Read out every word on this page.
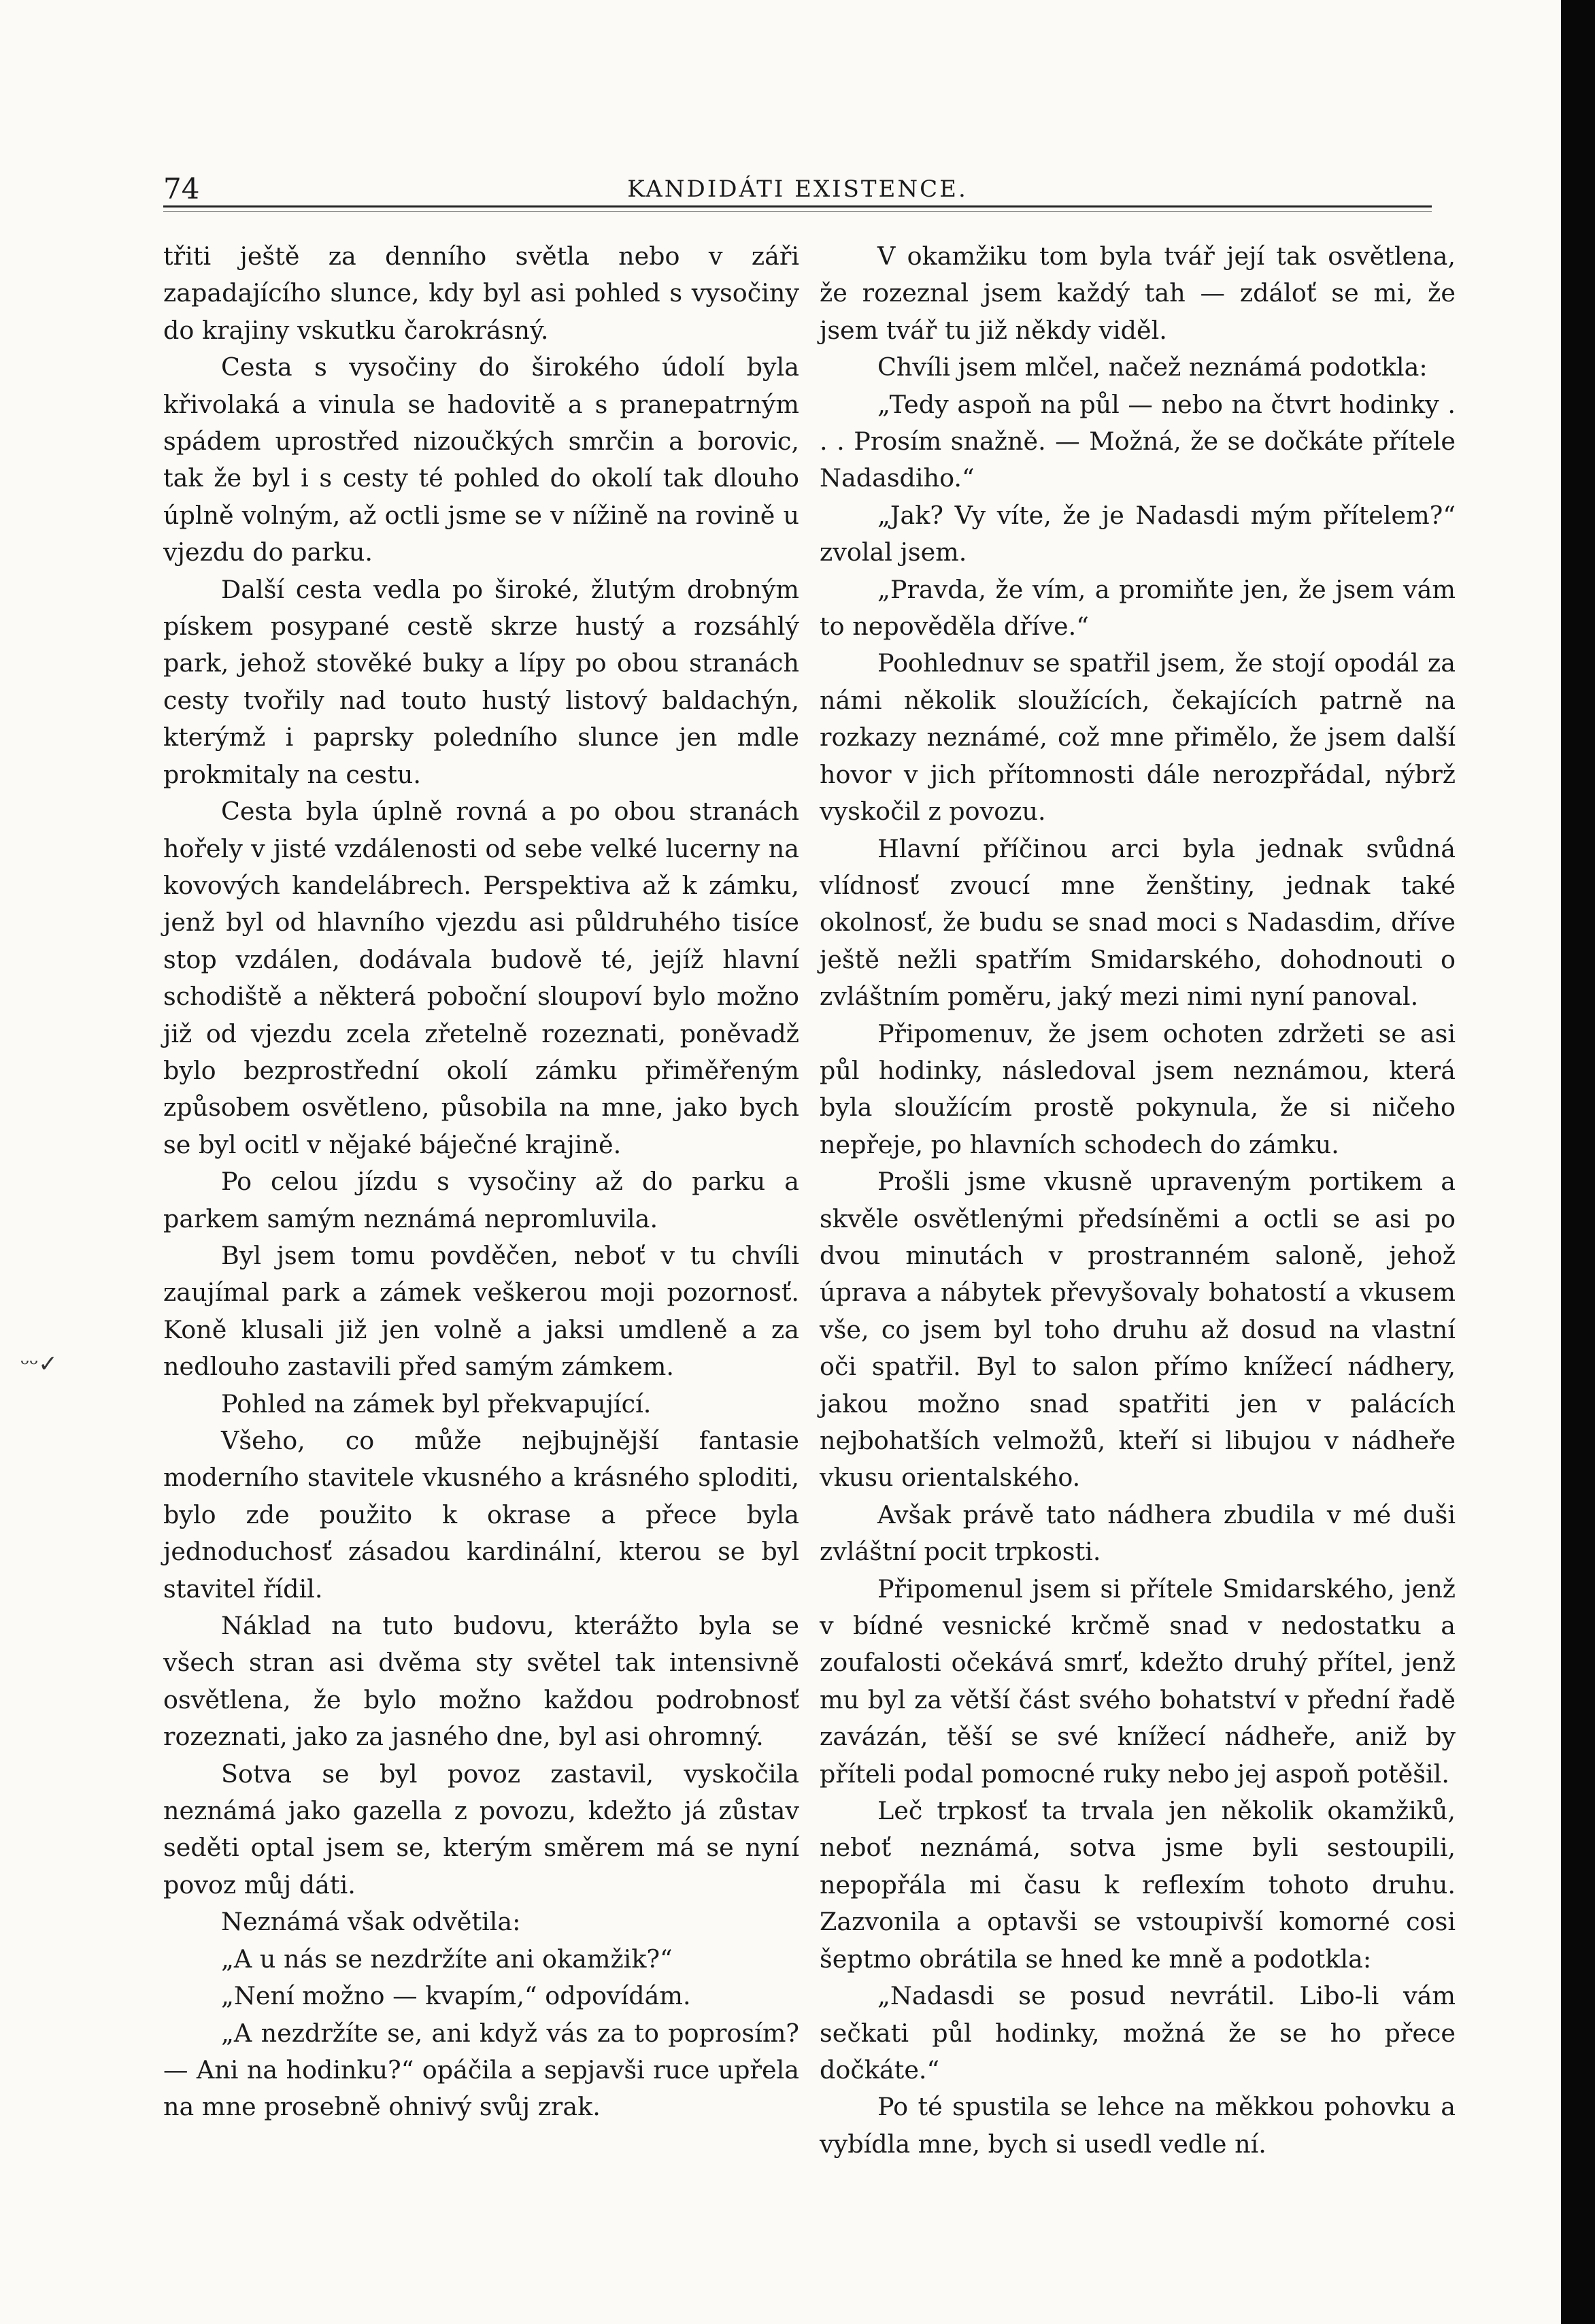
74	KANDIDÁTI EXISTENCE.
ᵕᵕ✓

třiti ještě za denního světla nebo v záři zapadajícího slunce, kdy byl asi pohled s vysočiny do krajiny vskutku čarokrásný.

Cesta s vysočiny do širokého údolí byla křivolaká a vinula se hadovitě a s pranepatrným spádem uprostřed nizoučkých smrčin a borovic, tak že byl i s cesty té pohled do okolí tak dlouho úplně volným, až octli jsme se v nížině na rovině u vjezdu do parku.

Další cesta vedla po široké, žlutým drobným pískem posypané cestě skrze hustý a rozsáhlý park, jehož stověké buky a lípy po obou stranách cesty tvořily nad touto hustý listový baldachýn, kterýmž i paprsky poledního slunce jen mdle prokmitaly na cestu.

Cesta byla úplně rovná a po obou stranách hořely v jisté vzdálenosti od sebe velké lucerny na kovových kandelábrech. Perspektiva až k zámku, jenž byl od hlavního vjezdu asi půldruhého tisíce stop vzdálen, dodávala budově té, jejíž hlavní schodiště a některá poboční sloupoví bylo možno již od vjezdu zcela zřetelně rozeznati, poněvadž bylo bezprostřední okolí zámku přiměřeným způsobem osvětleno, působila na mne, jako bych se byl ocitl v nějaké báječné krajině.

Po celou jízdu s vysočiny až do parku a parkem samým neznámá nepromluvila.

Byl jsem tomu povděčen, neboť v tu chvíli zaujímal park a zámek veškerou moji pozornosť. Koně klusali již jen volně a jaksi umdleně a za nedlouho zastavili před samým zámkem.

Pohled na zámek byl překvapující.

Všeho, co může nejbujnější fantasie moderního stavitele vkusného a krásného sploditi, bylo zde použito k okrase a přece byla jednoduchosť zásadou kardinální, kterou se byl stavitel řídil.

Náklad na tuto budovu, kterážto byla se všech stran asi dvěma sty světel tak intensivně osvětlena, že bylo možno každou podrobnosť rozeznati, jako za jasného dne, byl asi ohromný.

Sotva se byl povoz zastavil, vyskočila neznámá jako gazella z povozu, kdežto já zůstav seděti optal jsem se, kterým směrem má se nyní povoz můj dáti.

Neznámá však odvětila:

„A u nás se nezdržíte ani okamžik?“

„Není možno — kvapím,“ odpovídám.

„A nezdržíte se, ani když vás za to poprosím? — Ani na hodinku?“ opáčila a sepjavši ruce upřela na mne prosebně ohnivý svůj zrak.

V okamžiku tom byla tvář její tak osvětlena, že rozeznal jsem každý tah — zdáloť se mi, že jsem tvář tu již někdy viděl.

Chvíli jsem mlčel, načež neznámá podotkla:

„Tedy aspoň na půl — nebo na čtvrt hodinky . . . Prosím snažně. — Možná, že se dočkáte přítele Nadasdiho.“

„Jak? Vy víte, že je Nadasdi mým přítelem?“ zvolal jsem.

„Pravda, že vím, a promiňte jen, že jsem vám to nepověděla dříve.“

Poohlednuv se spatřil jsem, že stojí opodál za námi několik sloužících, čekajících patrně na rozkazy neznámé, což mne přimělo, že jsem další hovor v jich přítomnosti dále nerozpřádal, nýbrž vyskočil z povozu.

Hlavní příčinou arci byla jednak svůdná vlídnosť zvoucí mne ženštiny, jednak také okolnosť, že budu se snad moci s Nadasdim, dříve ještě nežli spatřím Smidarského, dohodnouti o zvláštním poměru, jaký mezi nimi nyní panoval.

Připomenuv, že jsem ochoten zdržeti se asi půl hodinky, následoval jsem neznámou, která byla sloužícím prostě pokynula, že si ničeho nepřeje, po hlavních schodech do zámku.

Prošli jsme vkusně upraveným portikem a skvěle osvětlenými předsíněmi a octli se asi po dvou minutách v prostranném saloně, jehož úprava a nábytek převyšovaly bohatostí a vkusem vše, co jsem byl toho druhu až dosud na vlastní oči spatřil. Byl to salon přímo knížecí nádhery, jakou možno snad spatřiti jen v palácích nejbohatších velmožů, kteří si libujou v nádheře vkusu orientalského.

Avšak právě tato nádhera zbudila v mé duši zvláštní pocit trpkosti.

Připomenul jsem si přítele Smidarského, jenž v bídné vesnické krčmě snad v nedostatku a zoufalosti očekává smrť, kdežto druhý přítel, jenž mu byl za větší část svého bohatství v přední řadě zavázán, těší se své knížecí nádheře, aniž by příteli podal pomocné ruky nebo jej aspoň potěšil.

Leč trpkosť ta trvala jen několik okamžiků, neboť neznámá, sotva jsme byli sestoupili, nepopřála mi času k reflexím tohoto druhu. Zazvonila a optavši se vstoupivší komorné cosi šeptmo obrátila se hned ke mně a podotkla:

„Nadasdi se posud nevrátil. Libo-li vám sečkati půl hodinky, možná že se ho přece dočkáte.“

Po té spustila se lehce na měkkou pohovku a vybídla mne, bych si usedl vedle ní.
